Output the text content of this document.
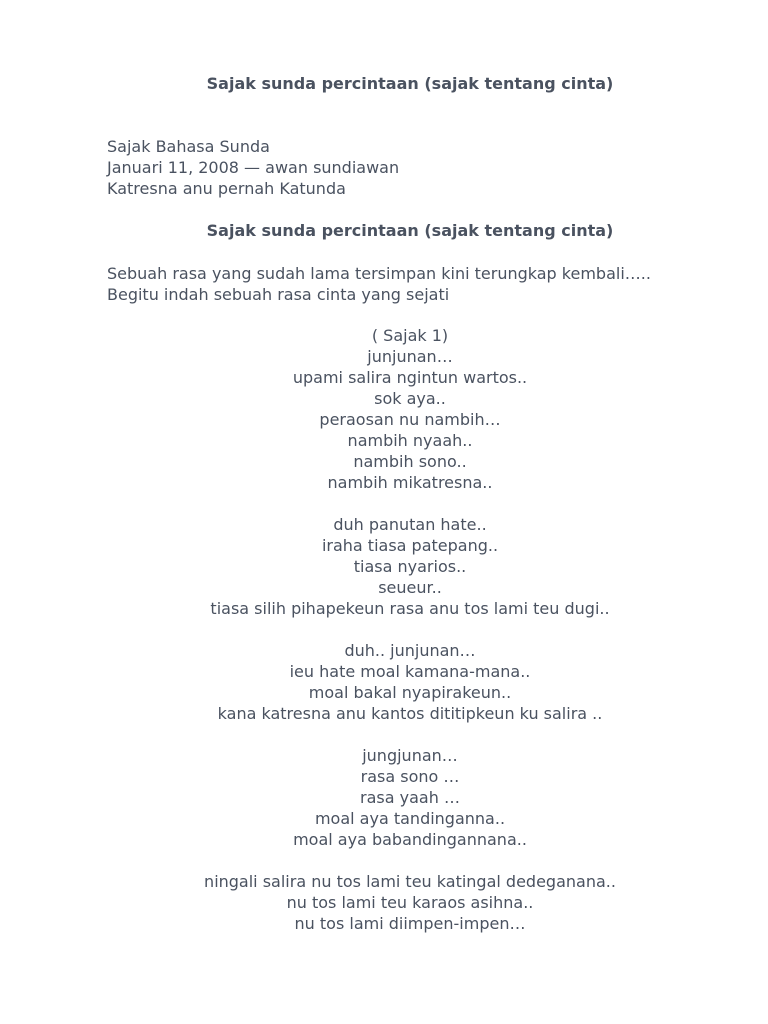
Sajak sunda percintaan (sajak tentang cinta)
Sajak Bahasa Sunda
Januari 11, 2008 — awan sundiawan
Katresna anu pernah Katunda
Sajak sunda percintaan (sajak tentang cinta)
Sebuah rasa yang sudah lama tersimpan kini terungkap kembali…..
Begitu indah sebuah rasa cinta yang sejati
( Sajak 1)
junjunan…
upami salira ngintun wartos..
sok aya..
peraosan nu nambih…
nambih nyaah..
nambih sono..
nambih mikatresna..
duh panutan hate..
iraha tiasa patepang..
tiasa nyarios..
seueur..
tiasa silih pihapekeun rasa anu tos lami teu dugi..
duh.. junjunan…
ieu hate moal kamana-mana..
moal bakal nyapirakeun..
kana katresna anu kantos dititipkeun ku salira ..
jungjunan…
rasa sono …
rasa yaah …
moal aya tandinganna..
moal aya babandingannana..
ningali salira nu tos lami teu katingal dedeganana..
nu tos lami teu karaos asihna..
nu tos lami diimpen-impen…
